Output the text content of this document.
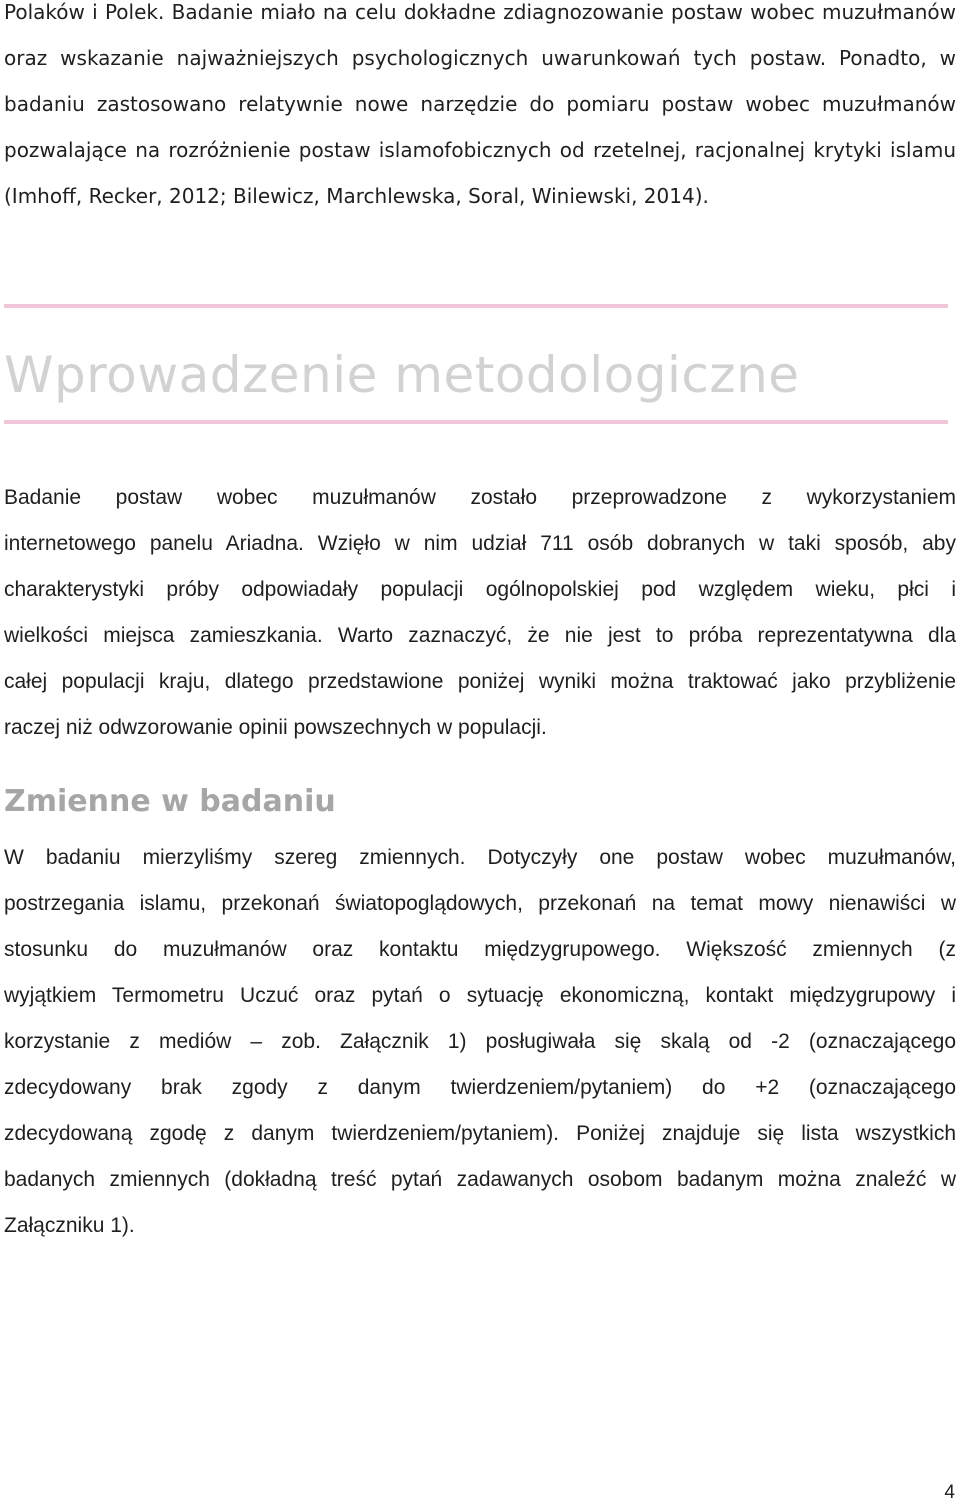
Polaków i Polek. Badanie miało na celu dokładne zdiagnozowanie postaw wobec muzułmanów
oraz wskazanie najważniejszych psychologicznych uwarunkowań tych postaw. Ponadto, w
badaniu zastosowano relatywnie nowe narzędzie do pomiaru postaw wobec muzułmanów
pozwalające na rozróżnienie postaw islamofobicznych od rzetelnej, racjonalnej krytyki islamu
(Imhoff, Recker, 2012; Bilewicz, Marchlewska, Soral, Winiewski, 2014).
Wprowadzenie metodologiczne
Badanie postaw wobec muzułmanów zostało przeprowadzone z wykorzystaniem
internetowego panelu Ariadna. Wzięło w nim udział 711 osób dobranych w taki sposób, aby
charakterystyki próby odpowiadały populacji ogólnopolskiej pod względem wieku, płci i
wielkości miejsca zamieszkania. Warto zaznaczyć, że nie jest to próba reprezentatywna dla
całej populacji kraju, dlatego przedstawione poniżej wyniki można traktować jako przybliżenie
raczej niż odwzorowanie opinii powszechnych w populacji.
Zmienne w badaniu
W badaniu mierzyliśmy szereg zmiennych. Dotyczyły one postaw wobec muzułmanów,
postrzegania islamu, przekonań światopoglądowych, przekonań na temat mowy nienawiści w
stosunku do muzułmanów oraz kontaktu międzygrupowego. Większość zmiennych (z
wyjątkiem Termometru Uczuć oraz pytań o sytuację ekonomiczną, kontakt międzygrupowy i
korzystanie z mediów – zob. Załącznik 1) posługiwała się skalą od -2 (oznaczającego
zdecydowany brak zgody z danym twierdzeniem/pytaniem) do +2 (oznaczającego
zdecydowaną zgodę z danym twierdzeniem/pytaniem). Poniżej znajduje się lista wszystkich
badanych zmiennych (dokładną treść pytań zadawanych osobom badanym można znaleźć w
Załączniku 1).
4
